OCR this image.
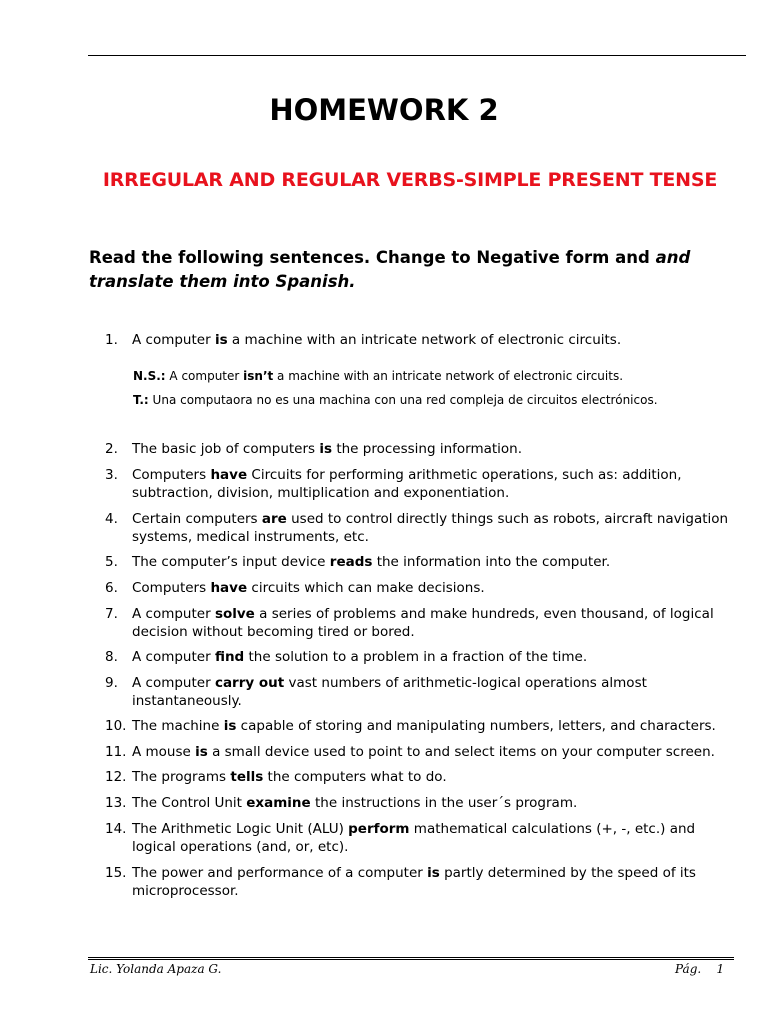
HOMEWORK 2
IRREGULAR AND REGULAR VERBS-SIMPLE PRESENT TENSE

Read the following sentences. Change to Negative form and and translate them into Spanish.

1.	A computer is a machine with an intricate network of electronic circuits.
2.	The basic job of computers is the processing information.
3.	Computers have Circuits for performing arithmetic operations, such as: addition, subtraction, division, multiplication and exponentiation.
4.	Certain computers are used to control directly things such as robots, aircraft navigation systems, medical instruments, etc.
5.	The computer’s input device reads the information into the computer.
6.	Computers have circuits which can make decisions.
7.	A computer solve a series of problems and make hundreds, even thousand, of logical decision without becoming tired or bored.
8.	A computer find the solution to a problem in a fraction of the time.
9.	A computer carry out vast numbers of arithmetic-logical operations almost instantaneously.
10. The machine is capable of storing and manipulating numbers, letters, and characters.
11. A mouse is a small device used to point to and select items on your computer screen.
12. The programs tells the computers what to do.
13. The Control Unit examine the instructions in the user´s program.
14. The Arithmetic Logic Unit (ALU) perform mathematical calculations (+, -, etc.) and logical operations (and, or, etc).
15. The power and performance of a computer is partly determined by the speed of its microprocessor.
N.S.: A computer isn’t a machine with an intricate network of electronic circuits.
T.: Una computaora no es una machina con una red compleja de circuitos electrónicos.
Lic. Yolanda Apaza G.	Pág.    1
